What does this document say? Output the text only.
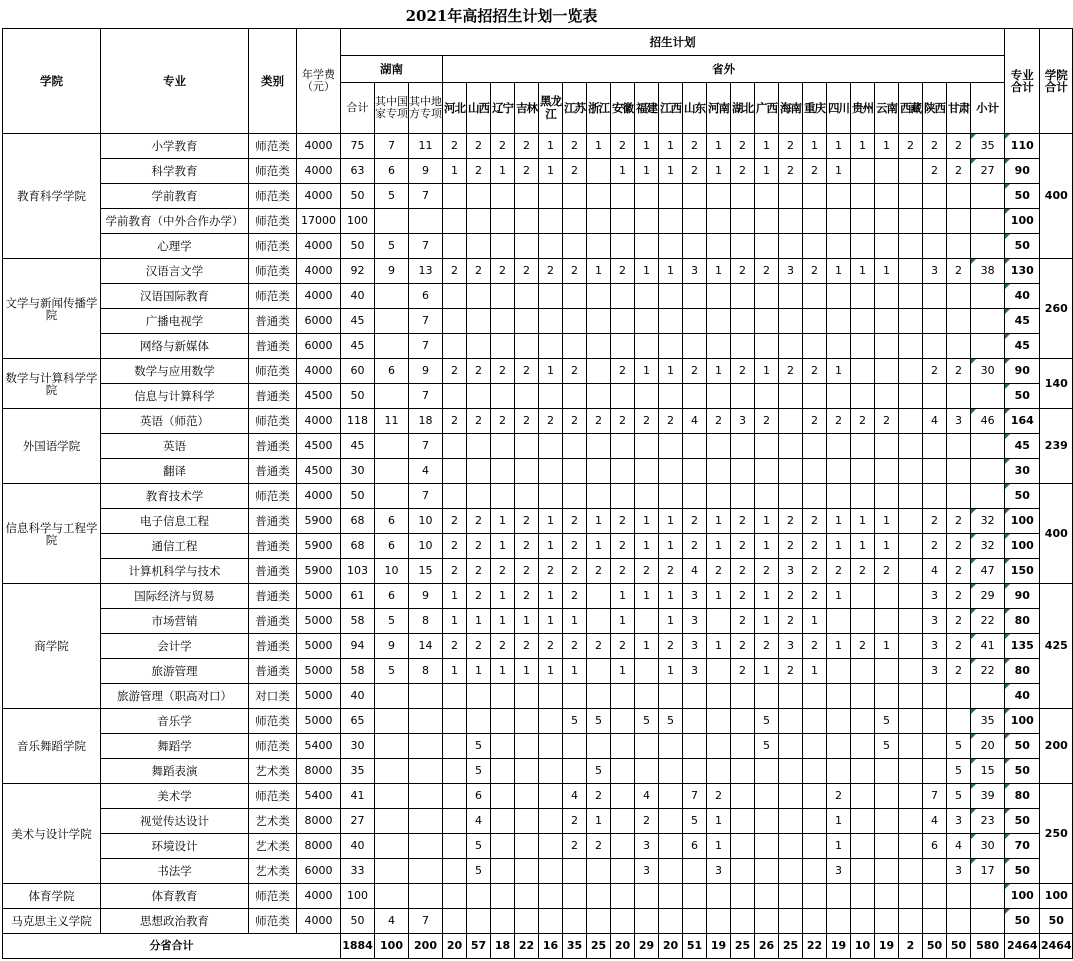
2021年高招招生计划一览表
学院	专业	类别	年学费（元）	招生计划																										专业合计	学院合计
				湖南			省外																								
				合计	其中国家专项	其中地方专项	河北	山西	辽宁	吉林	黑龙江	江苏	浙江	安徽	福建	江西	山东	河南	湖北	广西	海南	重庆	四川	贵州	云南	西藏	陕西	甘肃	小计		
教育科学学院	小学教育	师范类	4000	75	7	11	2	2	2	2	1	2	1	2	1	1	2	1	2	1	2	1	1	1	1	2	2	2	35	110	400
	科学教育	师范类	4000	63	6	9	1	2	1	2	1	2		1	1	1	2	1	2	1	2	2	1				2	2	27	90	
	学前教育	师范类	4000	50	5	7																								50	
	学前教育（中外合作办学）	师范类	17000	100																										100	
	心理学	师范类	4000	50	5	7																								50	
文学与新闻传播学院	汉语言文学	师范类	4000	92	9	13	2	2	2	2	2	2	1	2	1	1	3	1	2	2	3	2	1	1	1		3	2	38	130	260
	汉语国际教育	师范类	4000	40		6																								40	
	广播电视学	普通类	6000	45		7																								45	
	网络与新媒体	普通类	6000	45		7																								45	
数学与计算科学学院	数学与应用数学	师范类	4000	60	6	9	2	2	2	2	1	2		2	1	1	2	1	2	1	2	2	1				2	2	30	90	140
	信息与计算科学	普通类	4500	50		7																								50	
外国语学院	英语（师范）	师范类	4000	118	11	18	2	2	2	2	2	2	2	2	2	2	4	2	3	2		2	2	2	2		4	3	46	164	239
	英语	普通类	4500	45		7																								45	
	翻译	普通类	4500	30		4																								30	
信息科学与工程学院	教育技术学	师范类	4000	50		7																								50	400
	电子信息工程	普通类	5900	68	6	10	2	2	1	2	1	2	1	2	1	1	2	1	2	1	2	2	1	1	1		2	2	32	100	
	通信工程	普通类	5900	68	6	10	2	2	1	2	1	2	1	2	1	1	2	1	2	1	2	2	1	1	1		2	2	32	100	
	计算机科学与技术	普通类	5900	103	10	15	2	2	2	2	2	2	2	2	2	2	4	2	2	2	3	2	2	2	2		4	2	47	150	
商学院	国际经济与贸易	普通类	5000	61	6	9	1	2	1	2	1	2		1	1	1	3	1	2	1	2	2	1				3	2	29	90	425
	市场营销	普通类	5000	58	5	8	1	1	1	1	1	1		1		1	3		2	1	2	1					3	2	22	80	
	会计学	普通类	5000	94	9	14	2	2	2	2	2	2	2	2	1	2	3	1	2	2	3	2	1	2	1		3	2	41	135	
	旅游管理	普通类	5000	58	5	8	1	1	1	1	1	1		1		1	3		2	1	2	1					3	2	22	80	
	旅游管理（职高对口）	对口类	5000	40																										40	
音乐舞蹈学院	音乐学	师范类	5000	65								5	5		5	5				5					5				35	100	200
	舞蹈学	师范类	5400	30				5												5					5			5	20	50	
	舞蹈表演	艺术类	8000	35				5					5															5	15	50	
美术与设计学院	美术学	师范类	5400	41				6				4	2		4		7	2					2				7	5	39	80	250
	视觉传达设计	艺术类	8000	27				4				2	1		2		5	1					1				4	3	23	50	
	环境设计	艺术类	8000	40				5				2	2		3		6	1					1				6	4	30	70	
	书法学	艺术类	6000	33				5							3			3					3					3	17	50	
体育学院	体育教育	师范类	4000	100																										100	100
马克思主义学院	思想政治教育	师范类	4000	50	4	7																								50	50
分省合计				1884	100	200	20	57	18	22	16	35	25	20	29	20	51	19	25	26	25	22	19	10	19	2	50	50	580	2464	2464
